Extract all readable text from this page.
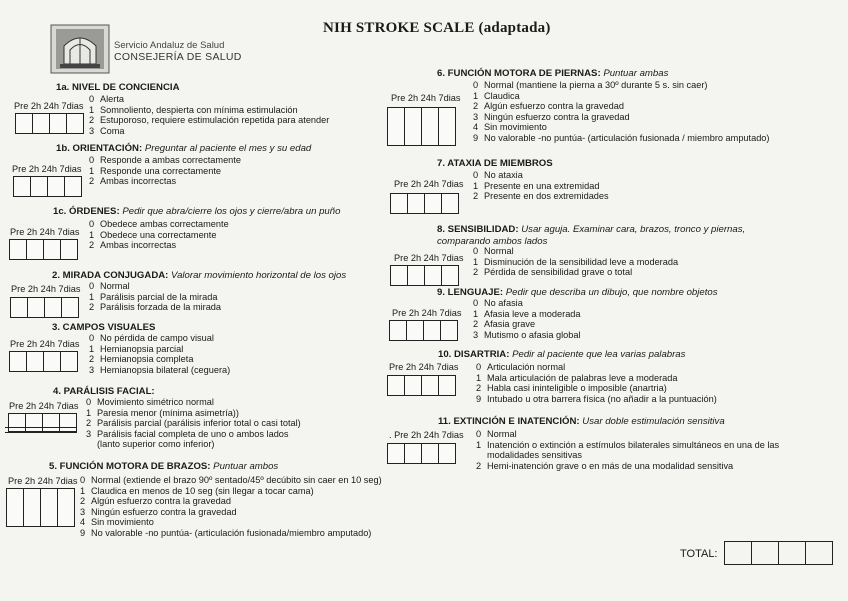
NIH STROKE SCALE (adaptada)
Servicio Andaluz de Salud
CONSEJERÍA DE SALUD
1a. NIVEL DE CONCIENCIA
Pre 2h 24h 7dias
0 Alerta
1 Somnoliento, despierta con mínima estimulación
2 Estuporoso, requiere estimulación repetida para atender
3 Coma
1b. ORIENTACIÓN: Preguntar al paciente el mes y su edad
Pre 2h 24h 7dias
0 Responde a ambas correctamente
1 Responde una correctamente
2 Ambas incorrectas
1c. ÓRDENES: Pedir que abra/cierre los ojos y cierre/abra un puño
Pre 2h 24h 7dias
0 Obedece ambas correctamente
1 Obedece una correctamente
2 Ambas incorrectas
2. MIRADA CONJUGADA: Valorar movimiento horizontal de los ojos
Pre 2h 24h 7dias 0 Normal
1 Parálisis parcial de la mirada
2 Parálisis forzada de la mirada
3. CAMPOS VISUALES
Pre 2h 24h 7dias
0 No pérdida de campo visual
1 Hemianopsia parcial
2 Hemianopsia completa
3 Hemianopsia bilateral (ceguera)
4. PARÁLISIS FACIAL:
Pre 2h 24h 7dias 0 Movimiento simétrico normal
1 Paresia menor (mínima asimetría))
2 Parálisis parcial (parálisis inferior total o casi total)
3 Parálisis facial completa de uno o ambos lados
(lanto superior como inferior)
5. FUNCIÓN MOTORA DE BRAZOS: Puntuar ambos
Pre 2h 24h 7dias 0 Normal (extiende el brazo 90º sentado/45º decúbito sin caer en 10 seg)
1 Claudica en menos de 10 seg (sin llegar a tocar cama)
2 Algún esfuerzo contra la gravedad
3 Ningún esfuerzo contra la gravedad
4 Sin movimiento
9 No valorable -no puntúa- (articulación fusionada/miembro amputado)
6. FUNCIÓN MOTORA DE PIERNAS: Puntuar ambas
Pre 2h 24h 7dias
0 Normal (mantiene la pierna a 30º durante 5 s. sin caer)
1 Claudica
2 Algún esfuerzo contra la gravedad
3 Ningún esfuerzo contra la gravedad
4 Sin movimiento
9 No valorable -no puntúa- (articulación fusionada / miembro amputado)
7. ATAXIA DE MIEMBROS
Pre 2h 24h 7dias
0 No ataxia
1 Presente en una extremidad
2 Presente en dos extremidades
8. SENSIBILIDAD: Usar aguja. Examinar cara, brazos, tronco y piernas,
comparando ambos lados
Pre 2h 24h 7dias
0 Normal
1 Disminución de la sensibilidad leve a moderada
2 Pérdida de sensibilidad grave o total
9. LENGUAJE: Pedir que describa un dibujo, que nombre objetos
Pre 2h 24h 7dias
0 No afasia
1 Afasia leve a moderada
2 Afasia grave
3 Mutismo o afasia global
10. DISARTRIA: Pedir al paciente que lea varias palabras
Pre 2h 24h 7dias 0 Articulación normal
1 Mala articulación de palabras leve a moderada
2 Habla casi ininteligible o imposible (anartria)
9 Intubado u otra barrera física (no añadir a la puntuación)
11. EXTINCIÓN E INATENCIÓN: Usar doble estimulación sensitiva
. Pre 2h 24h 7dias 0 Normal
1 Inatención o extinción a estímulos bilaterales simultáneos en una de las modalidades sensitivas
2 Hemi-inatención grave o en más de una modalidad sensitiva
TOTAL:
